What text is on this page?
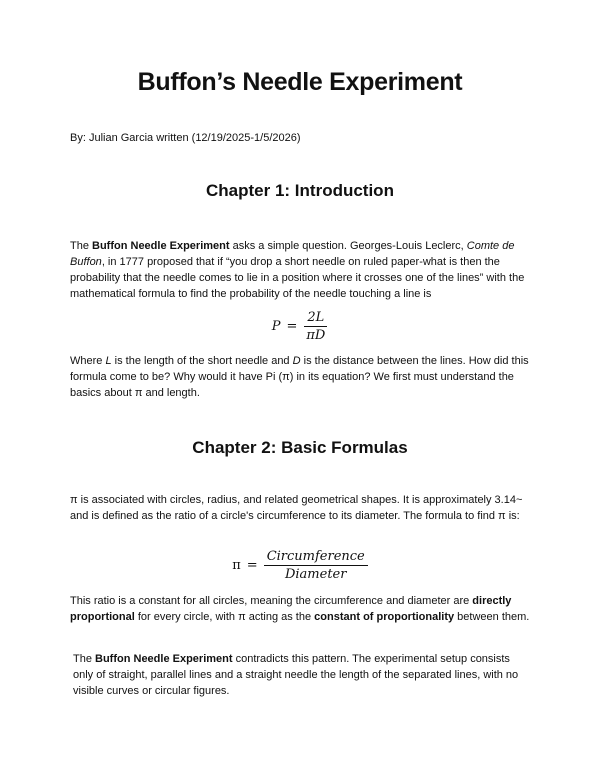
Buffon’s Needle Experiment
By: Julian Garcia written (12/19/2025-1/5/2026)
Chapter 1: Introduction
The Buffon Needle Experiment asks a simple question. Georges-Louis Leclerc, Comte de Buffon, in 1777 proposed that if “you drop a short needle on ruled paper-what is then the probability that the needle comes to lie in a position where it crosses one of the lines” with the mathematical formula to find the probability of the needle touching a line is
$P = \frac{2L}{\pi D}$
Where L is the length of the short needle and D is the distance between the lines. How did this formula come to be? Why would it have Pi (π) in its equation? We first must understand the basics about π and length.
Chapter 2: Basic Formulas
π is associated with circles, radius, and related geometrical shapes. It is approximately 3.14~ and is defined as the ratio of a circle's circumference to its diameter. The formula to find π is:
$\pi = \frac{\text{Circumference}}{\text{Diameter}}$
This ratio is a constant for all circles, meaning the circumference and diameter are directly proportional for every circle, with π acting as the constant of proportionality between them.
The Buffon Needle Experiment contradicts this pattern. The experimental setup consists only of straight, parallel lines and a straight needle the length of the separated lines, with no visible curves or circular figures.
